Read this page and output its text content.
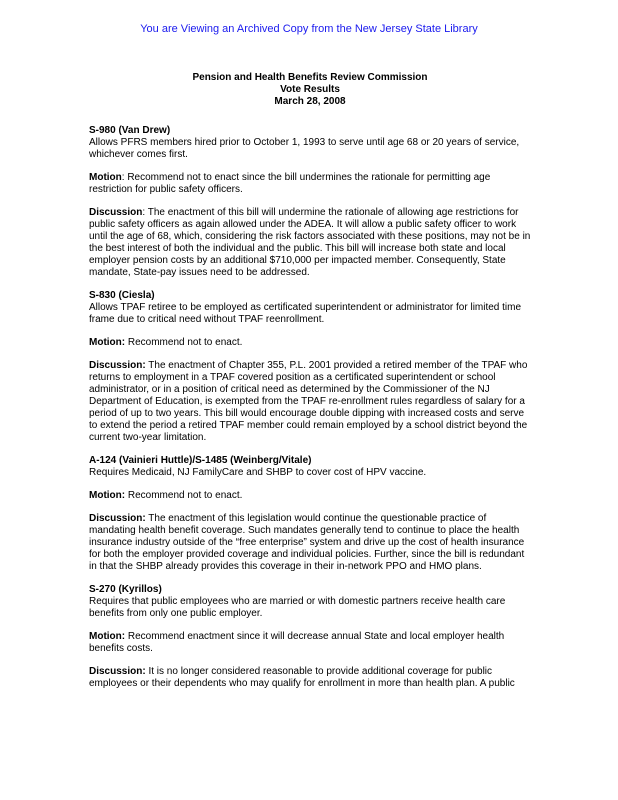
You are Viewing an Archived Copy from the New Jersey State Library
Pension and Health Benefits Review Commission
Vote Results
March 28, 2008
S-980 (Van Drew)
Allows PFRS members hired prior to October 1, 1993 to serve until age 68 or 20 years of service, whichever comes first.
Motion: Recommend not to enact since the bill undermines the rationale for permitting age restriction for public safety officers.
Discussion: The enactment of this bill will undermine the rationale of allowing age restrictions for public safety officers as again allowed under the ADEA. It will allow a public safety officer to work until the age of 68, which, considering the risk factors associated with these positions, may not be in the best interest of both the individual and the public. This bill will increase both state and local employer pension costs by an additional $710,000 per impacted member. Consequently, State mandate, State-pay issues need to be addressed.
S-830 (Ciesla)
Allows TPAF retiree to be employed as certificated superintendent or administrator for limited time frame due to critical need without TPAF reenrollment.
Motion: Recommend not to enact.
Discussion: The enactment of Chapter 355, P.L. 2001 provided a retired member of the TPAF who returns to employment in a TPAF covered position as a certificated superintendent or school administrator, or in a position of critical need as determined by the Commissioner of the NJ Department of Education, is exempted from the TPAF re-enrollment rules regardless of salary for a period of up to two years. This bill would encourage double dipping with increased costs and serve to extend the period a retired TPAF member could remain employed by a school district beyond the current two-year limitation.
A-124 (Vainieri Huttle)/S-1485 (Weinberg/Vitale)
Requires Medicaid, NJ FamilyCare and SHBP to cover cost of HPV vaccine.
Motion: Recommend not to enact.
Discussion: The enactment of this legislation would continue the questionable practice of mandating health benefit coverage. Such mandates generally tend to continue to place the health insurance industry outside of the “free enterprise” system and drive up the cost of health insurance for both the employer provided coverage and individual policies. Further, since the bill is redundant in that the SHBP already provides this coverage in their in-network PPO and HMO plans.
S-270 (Kyrillos)
Requires that public employees who are married or with domestic partners receive health care benefits from only one public employer.
Motion: Recommend enactment since it will decrease annual State and local employer health benefits costs.
Discussion: It is no longer considered reasonable to provide additional coverage for public employees or their dependents who may qualify for enrollment in more than health plan. A public
